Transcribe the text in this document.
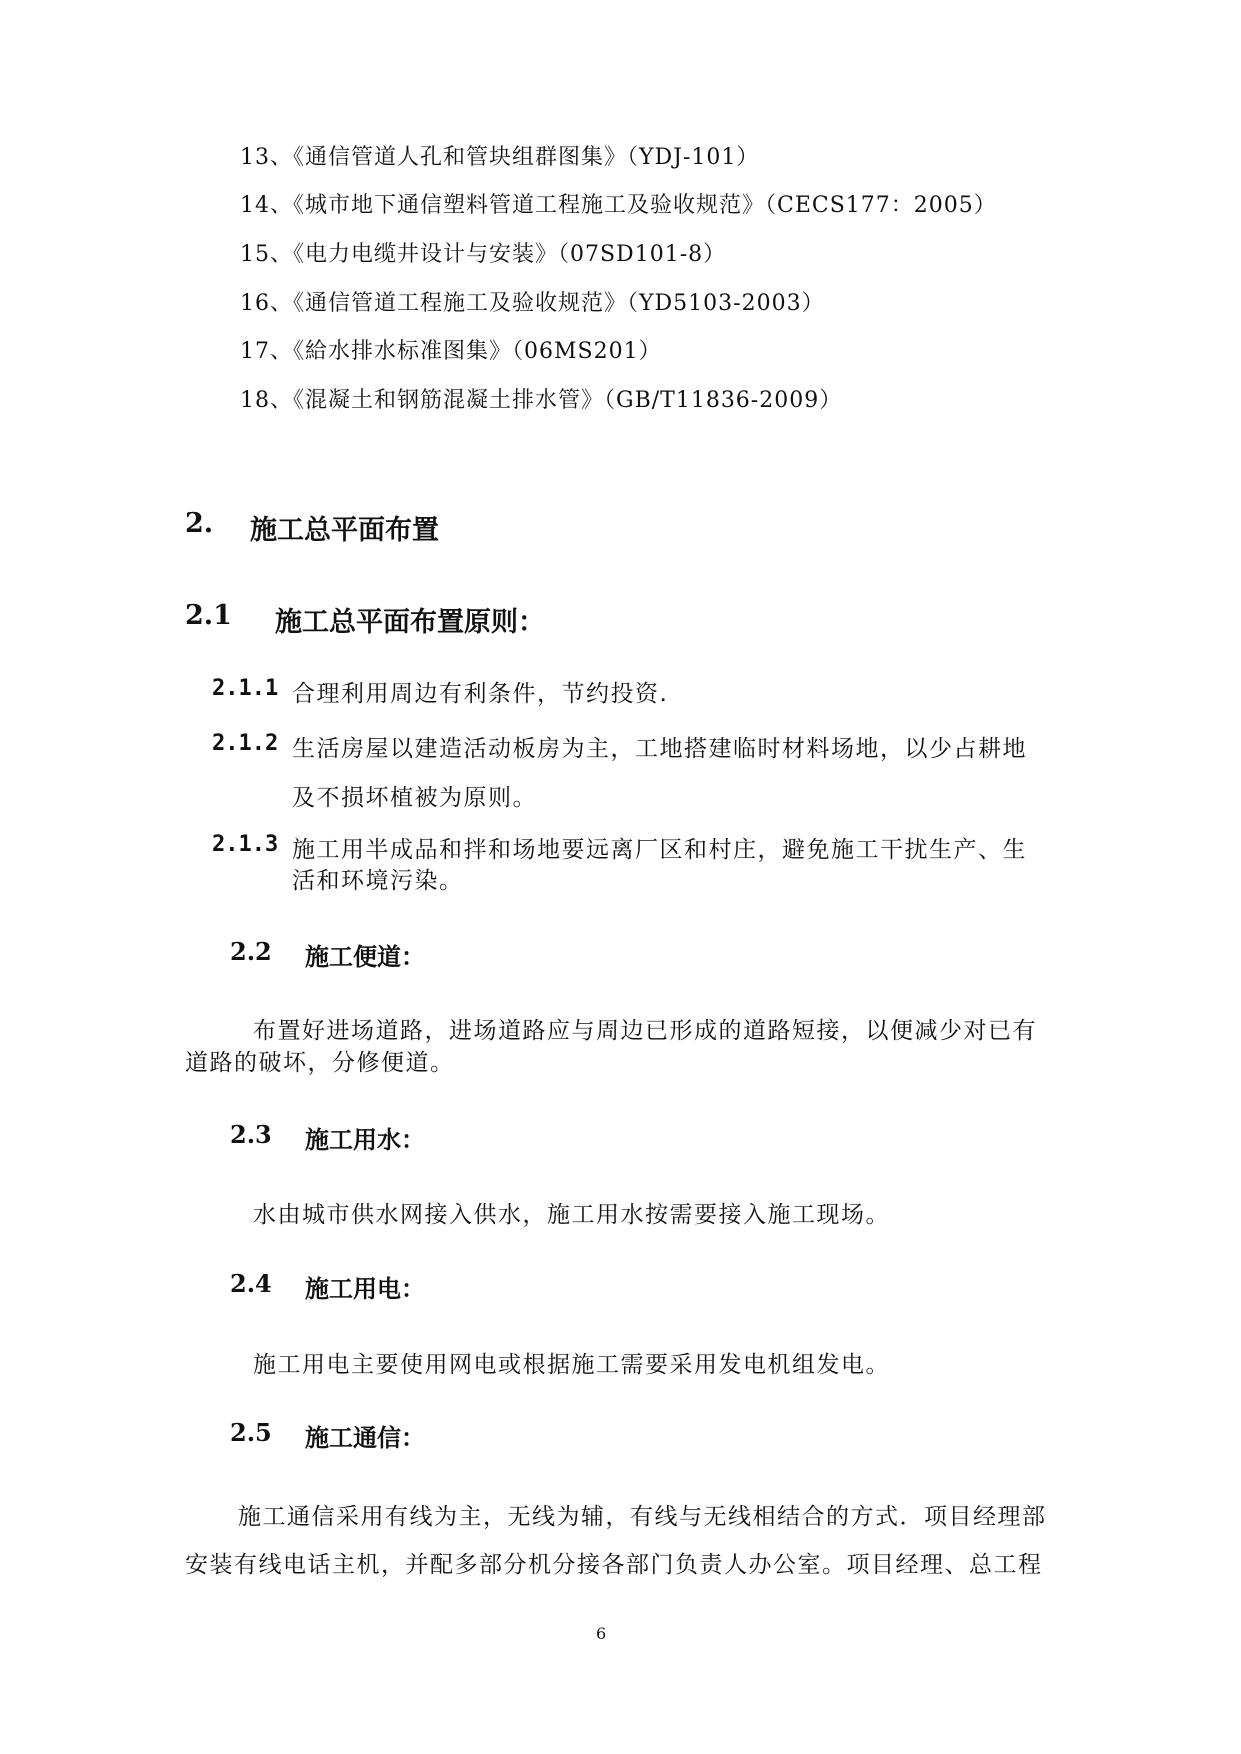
13、《通信管道人孔和管块组群图集》（YDJ-101）
14、《城市地下通信塑料管道工程施工及验收规范》（CECS177：2005）
15、《电力电缆井设计与安装》（07SD101-8）
16、《通信管道工程施工及验收规范》（YD5103-2003）
17、《給水排水标准图集》（06MS201）
18、《混凝土和钢筋混凝土排水管》（GB/T11836-2009）
2. 施工总平面布置
2.1 施工总平面布置原则：
2.1.1 合理利用周边有利条件，节约投资.
2.1.2 生活房屋以建造活动板房为主，工地搭建临时材料场地，以少占耕地
及不损坏植被为原则。
2.1.3 施工用半成品和拌和场地要远离厂区和村庄，避免施工干扰生产、生
活和环境污染。
2.2 施工便道：
布置好进场道路，进场道路应与周边已形成的道路短接，以便减少对已有
道路的破坏，分修便道。
2.3 施工用水：
水由城市供水网接入供水，施工用水按需要接入施工现场。
2.4 施工用电：
施工用电主要使用网电或根据施工需要采用发电机组发电。
2.5 施工通信：
施工通信采用有线为主，无线为辅，有线与无线相结合的方式．项目经理部
安装有线电话主机，并配多部分机分接各部门负责人办公室。项目经理、总工程
6
